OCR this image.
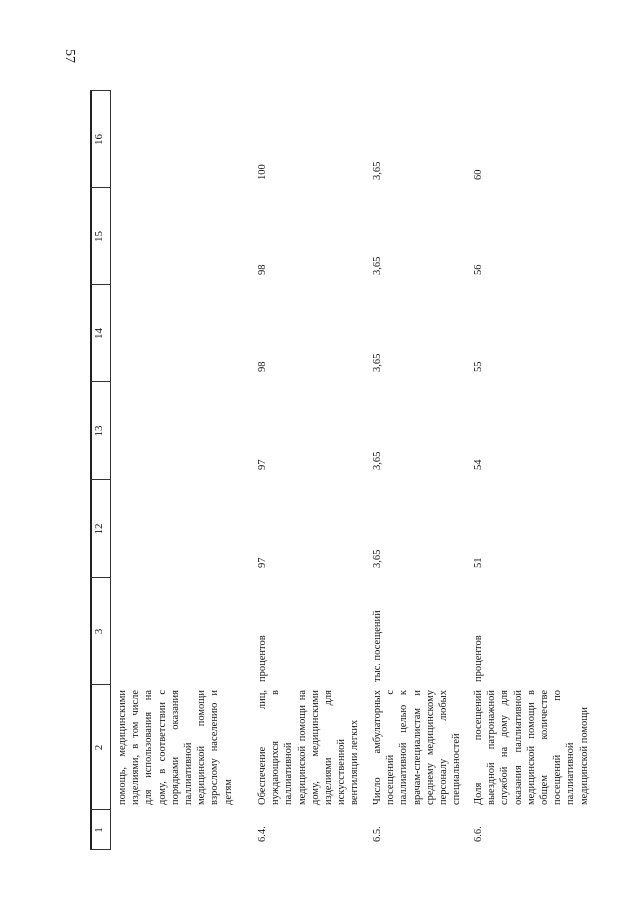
57
1
2
3
12
13
14
15
16
помощь, медицинскими изделиями, в том числе для использования на дому, в соответствии с порядками оказания паллиативной медицинской помощи взрослому населению и детям
6.4.
Обеспечение лиц, нуждающихся в паллиативной медицинской помощи на дому, медицинскими изделиями для искусственной вентиляции легких
процентов
97
97
98
98
100
6.5.
Число амбулаторных посещений с паллиативной целью к врачам-специалистам и среднему медицинскому персоналу любых специальностей
тыс. посещений
3,65
3,65
3,65
3,65
3,65
6.6.
Доля посещений выездной патронажной службой на дому для оказания паллиативной медицинской помощи в общем количестве посещений по паллиативной медицинской помощи
процентов
51
54
55
56
60
